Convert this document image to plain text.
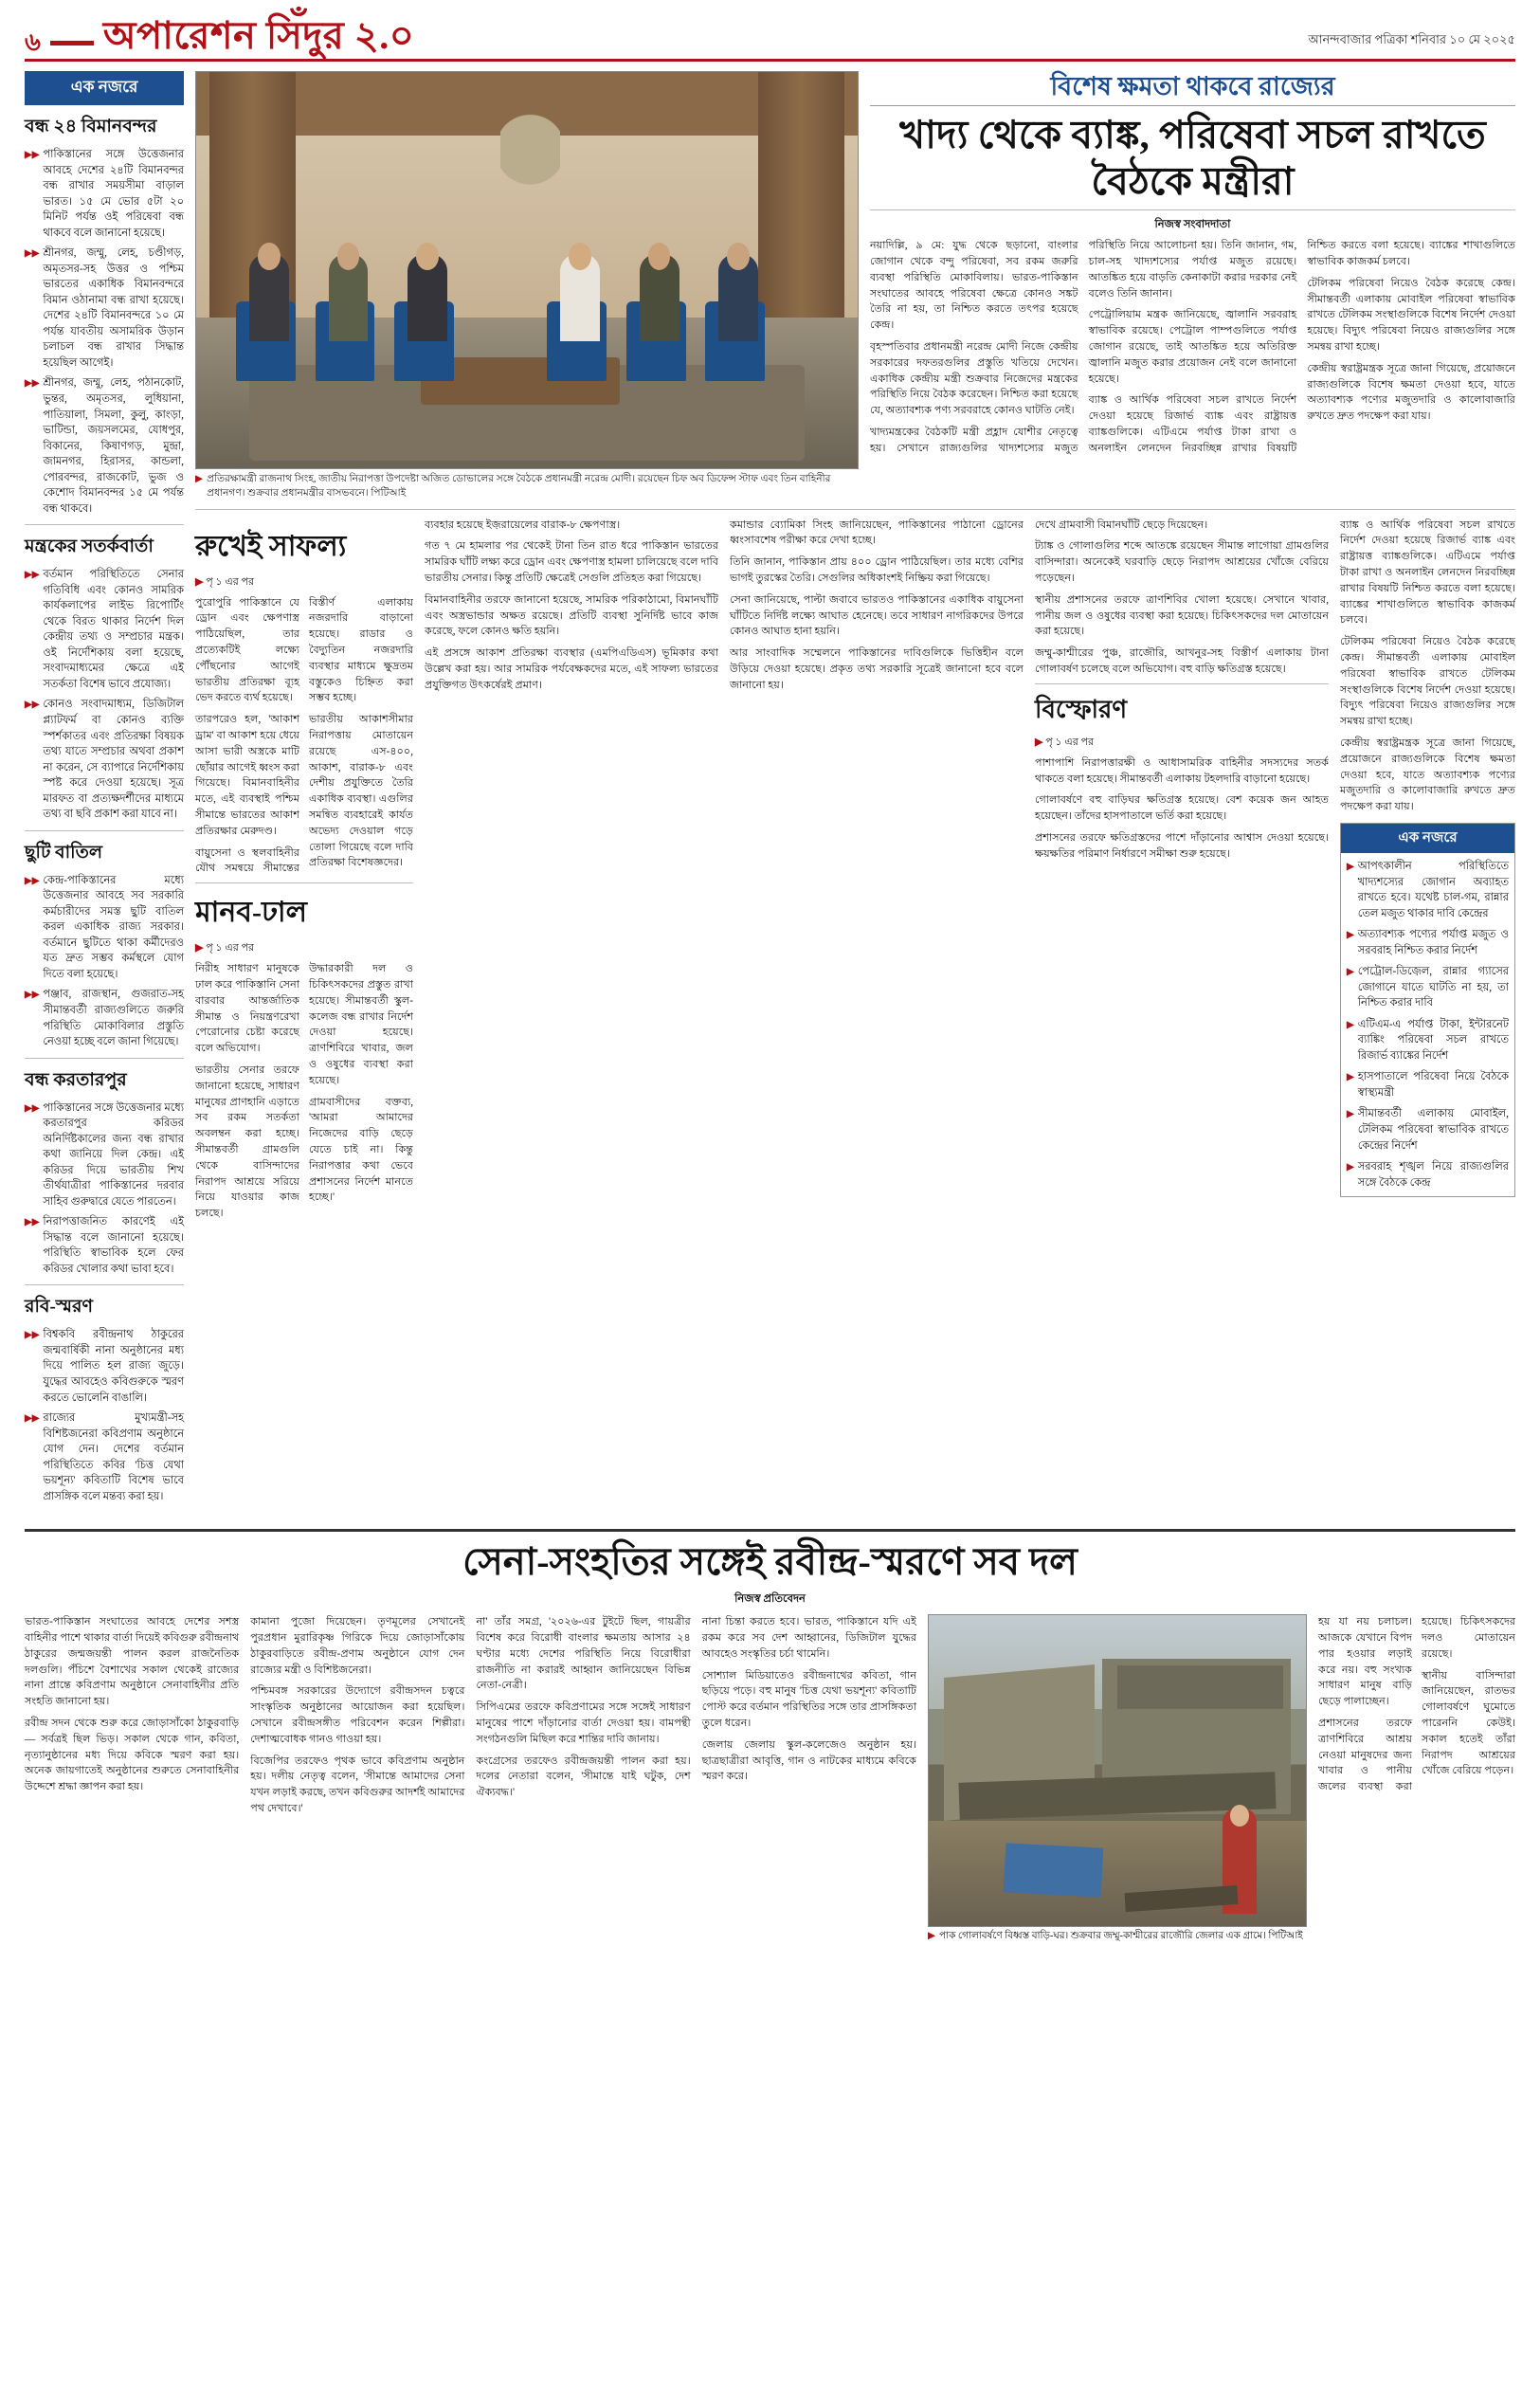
৬ অপারেশন সিঁদুর ২.০	আনন্দবাজার পত্রিকা শনিবার ১০ মে ২০২৫
এক নজরে
বন্ধ ২৪ বিমানবন্দর
▶▶ পাকিস্তানের সঙ্গে উত্তেজনার আবহে দেশের ২৪টি বিমানবন্দর বন্ধ রাখার সময়সীমা বাড়াল ভারত। ১৫ মে ভোর ৫টা ২০ মিনিট পর্যন্ত ওই পরিষেবা বন্ধ থাকবে বলে জানানো হয়েছে।
▶▶ শ্রীনগর, জম্মু, লেহ, চণ্ডীগড়, অমৃতসর-সহ উত্তর ও পশ্চিম ভারতের একাধিক বিমানবন্দরে বিমান ওঠানামা বন্ধ রাখা হয়েছে। দেশের ২৪টি বিমানবন্দরে ১০ মে পর্যন্ত যাবতীয় অসামরিক উড়ান চলাচল বন্ধ রাখার সিদ্ধান্ত হয়েছিল আগেই।
▶▶ শ্রীনগর, জম্মু, লেহ, পঠানকোট, ভুন্তর, অমৃতসর, লুধিয়ানা, পাতিয়ালা, সিমলা, কুলু, কাংড়া, ভাটিন্ডা, জয়সলমের, যোধপুর, বিকানের, কিষাণগড়, মুন্দ্রা, জামনগর, হিরাসর, কান্ডলা, পোরবন্দর, রাজকোট, ভুজ ও কেশোদ বিমানবন্দর ১৫ মে পর্যন্ত বন্ধ থাকবে।
মন্ত্রকের সতর্কবার্তা
▶▶ বর্তমান পরিস্থিতিতে সেনার গতিবিধি এবং কোনও সামরিক কার্যকলাপের লাইভ রিপোর্টিং থেকে বিরত থাকার নির্দেশ দিল কেন্দ্রীয় তথ্য ও সম্প্রচার মন্ত্রক। ওই নির্দেশিকায় বলা হয়েছে, সংবাদমাধ্যমের ক্ষেত্রে এই সতর্কতা বিশেষ ভাবে প্রযোজ্য।
▶▶ কোনও সংবাদমাধ্যম, ডিজিটাল প্ল্যাটফর্ম বা কোনও ব্যক্তি স্পর্শকাতর এবং প্রতিরক্ষা বিষয়ক তথ্য যাতে সম্প্রচার অথবা প্রকাশ না করেন, সে ব্যাপারে নির্দেশিকায় স্পষ্ট করে দেওয়া হয়েছে। সূত্র মারফত বা প্রত্যক্ষদর্শীদের মাধ্যমে তথ্য বা ছবি প্রকাশ করা যাবে না।
ছুটি বাতিল
▶▶ কেন্দ্র-পাকিস্তানের মধ্যে উত্তেজনার আবহে সব সরকারি কর্মচারীদের সমস্ত ছুটি বাতিল করল একাধিক রাজ্য সরকার। বর্তমানে ছুটিতে থাকা কর্মীদেরও যত দ্রুত সম্ভব কর্মস্থলে যোগ দিতে বলা হয়েছে।
▶▶ পঞ্জাব, রাজস্থান, গুজরাত-সহ সীমান্তবর্তী রাজ্যগুলিতে জরুরি পরিস্থিতি মোকাবিলার প্রস্তুতি নেওয়া হচ্ছে বলে জানা গিয়েছে।
বন্ধ করতারপুর
▶▶ পাকিস্তানের সঙ্গে উত্তেজনার মধ্যে করতারপুর করিডর অনির্দিষ্টকালের জন্য বন্ধ রাখার কথা জানিয়ে দিল কেন্দ্র। এই করিডর দিয়ে ভারতীয় শিখ তীর্থযাত্রীরা পাকিস্তানের দরবার সাহিব গুরুদ্বারে যেতে পারতেন।
▶▶ নিরাপত্তাজনিত কারণেই এই সিদ্ধান্ত বলে জানানো হয়েছে। পরিস্থিতি স্বাভাবিক হলে ফের করিডর খোলার কথা ভাবা হবে।
রবি-স্মরণ
▶▶ বিশ্বকবি রবীন্দ্রনাথ ঠাকুরের জন্মবার্ষিকী নানা অনুষ্ঠানের মধ্য দিয়ে পালিত হল রাজ্য জুড়ে। যুদ্ধের আবহেও কবিগুরুকে স্মরণ করতে ভোলেনি বাঙালি।
▶▶ রাজ্যের মুখ্যমন্ত্রী-সহ বিশিষ্টজনেরা কবিপ্রণাম অনুষ্ঠানে যোগ দেন। দেশের বর্তমান পরিস্থিতিতে কবির 'চিত্ত যেথা ভয়শূন্য' কবিতাটি বিশেষ ভাবে প্রাসঙ্গিক বলে মন্তব্য করা হয়।
▶ প্রতিরক্ষামন্ত্রী রাজনাথ সিংহ, জাতীয় নিরাপত্তা উপদেষ্টা অজিত ডোভালের সঙ্গে বৈঠকে প্রধানমন্ত্রী নরেন্দ্র মোদী। রয়েছেন চিফ অব ডিফেন্স স্টাফ এবং তিন বাহিনীর প্রধানগণ। শুক্রবার প্রধানমন্ত্রীর বাসভবনে। পিটিআই
বিশেষ ক্ষমতা থাকবে রাজ্যের
খাদ্য থেকে ব্যাঙ্ক, পরিষেবা সচল রাখতে বৈঠকে মন্ত্রীরা
নিজস্ব সংবাদদাতা

নয়াদিল্লি, ৯ মে: যুদ্ধ থেকে ছড়ানো, বাংলার জোগান থেকে বন্দু পরিষেবা, সব রকম জরুরি ব্যবস্থা পরিস্থিতি মোকাবিলায়। ভারত-পাকিস্তান সংঘাতের আবহে পরিষেবা ক্ষেত্রে কোনও সঙ্কট তৈরি না হয়, তা নিশ্চিত করতে তৎপর হয়েছে কেন্দ্র।

বৃহস্পতিবার প্রধানমন্ত্রী নরেন্দ্র মোদী নিজে কেন্দ্রীয় সরকারের দফতরগুলির প্রস্তুতি খতিয়ে দেখেন। একাধিক কেন্দ্রীয় মন্ত্রী শুক্রবার নিজেদের মন্ত্রকের পরিস্থিতি নিয়ে বৈঠক করেছেন। নিশ্চিত করা হয়েছে যে, অত্যাবশ্যক পণ্য সরবরাহে কোনও ঘাটতি নেই।

খাদ্যমন্ত্রকের বৈঠকটি মন্ত্রী প্রহ্লাদ যোশীর নেতৃত্বে হয়। সেখানে রাজ্যগুলির খাদ্যশস্যের মজুত পরিস্থিতি নিয়ে আলোচনা হয়। তিনি জানান, গম, চাল-সহ খাদ্যশস্যের পর্যাপ্ত মজুত রয়েছে। আতঙ্কিত হয়ে বাড়তি কেনাকাটা করার দরকার নেই বলেও তিনি জানান।

পেট্রোলিয়াম মন্ত্রক জানিয়েছে, জ্বালানি সরবরাহ স্বাভাবিক রয়েছে। পেট্রোল পাম্পগুলিতে পর্যাপ্ত জোগান রয়েছে, তাই আতঙ্কিত হয়ে অতিরিক্ত জ্বালানি মজুত করার প্রয়োজন নেই বলে জানানো হয়েছে।

ব্যাঙ্ক ও আর্থিক পরিষেবা সচল রাখতে নির্দেশ দেওয়া হয়েছে রিজার্ভ ব্যাঙ্ক এবং রাষ্ট্রায়ত্ত ব্যাঙ্কগুলিকে। এটিএমে পর্যাপ্ত টাকা রাখা ও অনলাইন লেনদেন নিরবচ্ছিন্ন রাখার বিষয়টি নিশ্চিত করতে বলা হয়েছে। ব্যাঙ্কের শাখাগুলিতে স্বাভাবিক কাজকর্ম চলবে।

টেলিকম পরিষেবা নিয়েও বৈঠক করেছে কেন্দ্র। সীমান্তবর্তী এলাকায় মোবাইল পরিষেবা স্বাভাবিক রাখতে টেলিকম সংস্থাগুলিকে বিশেষ নির্দেশ দেওয়া হয়েছে। বিদ্যুৎ পরিষেবা নিয়েও রাজ্যগুলির সঙ্গে সমন্বয় রাখা হচ্ছে।

কেন্দ্রীয় স্বরাষ্ট্রমন্ত্রক সূত্রে জানা গিয়েছে, প্রয়োজনে রাজ্যগুলিকে বিশেষ ক্ষমতা দেওয়া হবে, যাতে অত্যাবশ্যক পণ্যের মজুতদারি ও কালোবাজারি রুখতে দ্রুত পদক্ষেপ করা যায়।

রুখেই সাফল্য
▶ পৃ ১ এর পর

পুরোপুরি পাকিস্তানে যে ড্রোন এবং ক্ষেপণাস্ত্র পাঠিয়েছিল, তার প্রত্যেকটিই লক্ষ্যে পৌঁছনোর আগেই ভারতীয় প্রতিরক্ষা ব্যূহ ভেদ করতে ব্যর্থ হয়েছে।

তারপরেও হল, 'আকাশ ড্রাম' বা আকাশ হয়ে ধেয়ে আসা ভারী অস্ত্রকে মাটি ছোঁয়ার আগেই ধ্বংস করা গিয়েছে। বিমানবাহিনীর মতে, এই ব্যবস্থাই পশ্চিম সীমান্তে ভারতের আকাশ প্রতিরক্ষার মেরুদণ্ড।

বায়ুসেনা ও স্থলবাহিনীর যৌথ সমন্বয়ে সীমান্তের বিস্তীর্ণ এলাকায় নজরদারি বাড়ানো হয়েছে। রাডার ও বৈদ্যুতিন নজরদারি ব্যবস্থার মাধ্যমে ক্ষুদ্রতম বস্তুকেও চিহ্নিত করা সম্ভব হচ্ছে।

ভারতীয় আকাশসীমার নিরাপত্তায় মোতায়েন রয়েছে এস-৪০০, আকাশ, বারাক-৮ এবং দেশীয় প্রযুক্তিতে তৈরি একাধিক ব্যবস্থা। এগুলির সমন্বিত ব্যবহারেই কার্যত অভেদ্য দেওয়াল গড়ে তোলা গিয়েছে বলে দাবি প্রতিরক্ষা বিশেষজ্ঞদের।

মানব-ঢাল
▶ পৃ ১ এর পর

নিরীহ সাধারণ মানুষকে ঢাল করে পাকিস্তানি সেনা বারবার আন্তর্জাতিক সীমান্ত ও নিয়ন্ত্রণরেখা পেরোনোর চেষ্টা করেছে বলে অভিযোগ।

ভারতীয় সেনার তরফে জানানো হয়েছে, সাধারণ মানুষের প্রাণহানি এড়াতে সব রকম সতর্কতা অবলম্বন করা হচ্ছে। সীমান্তবর্তী গ্রামগুলি থেকে বাসিন্দাদের নিরাপদ আশ্রয়ে সরিয়ে নিয়ে যাওয়ার কাজ চলছে।

উদ্ধারকারী দল ও চিকিৎসকদের প্রস্তুত রাখা হয়েছে। সীমান্তবর্তী স্কুল-কলেজ বন্ধ রাখার নির্দেশ দেওয়া হয়েছে। ত্রাণশিবিরে খাবার, জল ও ওষুধের ব্যবস্থা করা হয়েছে।

গ্রামবাসীদের বক্তব্য, 'আমরা আমাদের নিজেদের বাড়ি ছেড়ে যেতে চাই না। কিন্তু নিরাপত্তার কথা ভেবে প্রশাসনের নির্দেশ মানতে হচ্ছে।'

ব্যবহার হয়েছে ইজ়রায়েলের বারাক-৮ ক্ষেপণাস্ত্র।

গত ৭ মে হামলার পর থেকেই টানা তিন রাত ধরে পাকিস্তান ভারতের সামরিক ঘাঁটি লক্ষ্য করে ড্রোন এবং ক্ষেপণাস্ত্র হামলা চালিয়েছে বলে দাবি ভারতীয় সেনার। কিন্তু প্রতিটি ক্ষেত্রেই সেগুলি প্রতিহত করা গিয়েছে।

বিমানবাহিনীর তরফে জানানো হয়েছে, সামরিক পরিকাঠামো, বিমানঘাঁটি এবং অস্ত্রভান্ডার অক্ষত রয়েছে। প্রতিটি ব্যবস্থা সুনির্দিষ্ট ভাবে কাজ করেছে, ফলে কোনও ক্ষতি হয়নি।

এই প্রসঙ্গে আকাশ প্রতিরক্ষা ব্যবস্থার (এমপিএডিএস) ভূমিকার কথা উল্লেখ করা হয়। আর সামরিক পর্যবেক্ষকদের মতে, এই সাফল্য ভারতের প্রযুক্তিগত উৎকর্ষেরই প্রমাণ।

কমান্ডার ব্যোমিকা সিংহ জানিয়েছেন, পাকিস্তানের পাঠানো ড্রোনের ধ্বংসাবশেষ পরীক্ষা করে দেখা হচ্ছে।

তিনি জানান, পাকিস্তান প্রায় ৪০০ ড্রোন পাঠিয়েছিল। তার মধ্যে বেশির ভাগই তুরস্কের তৈরি। সেগুলির অধিকাংশই নিষ্ক্রিয় করা গিয়েছে।

সেনা জানিয়েছে, পাল্টা জবাবে ভারতও পাকিস্তানের একাধিক বায়ুসেনা ঘাঁটিতে নির্দিষ্ট লক্ষ্যে আঘাত হেনেছে। তবে সাধারণ নাগরিকদের উপরে কোনও আঘাত হানা হয়নি।

আর সাংবাদিক সম্মেলনে পাকিস্তানের দাবিগুলিকে ভিত্তিহীন বলে উড়িয়ে দেওয়া হয়েছে। প্রকৃত তথ্য সরকারি সূত্রেই জানানো হবে বলে জানানো হয়।

দেখে গ্রামবাসী বিমানঘাঁটি ছেড়ে দিয়েছেন।

ট্যাঙ্ক ও গোলাগুলির শব্দে আতঙ্কে রয়েছেন সীমান্ত লাগোয়া গ্রামগুলির বাসিন্দারা। অনেকেই ঘরবাড়ি ছেড়ে নিরাপদ আশ্রয়ের খোঁজে বেরিয়ে পড়েছেন।

স্থানীয় প্রশাসনের তরফে ত্রাণশিবির খোলা হয়েছে। সেখানে খাবার, পানীয় জল ও ওষুধের ব্যবস্থা করা হয়েছে। চিকিৎসকদের দল মোতায়েন করা হয়েছে।

জম্মু-কাশ্মীরের পুঞ্চ, রাজৌরি, আখনুর-সহ বিস্তীর্ণ এলাকায় টানা গোলাবর্ষণ চলেছে বলে অভিযোগ। বহু বাড়ি ক্ষতিগ্রস্ত হয়েছে।

বিস্ফোরণ
▶ পৃ ১ এর পর

পাশাপাশি নিরাপত্তারক্ষী ও আধাসামরিক বাহিনীর সদস্যদের সতর্ক থাকতে বলা হয়েছে। সীমান্তবর্তী এলাকায় টহলদারি বাড়ানো হয়েছে।

গোলাবর্ষণে বহু বাড়িঘর ক্ষতিগ্রস্ত হয়েছে। বেশ কয়েক জন আহত হয়েছেন। তাঁদের হাসপাতালে ভর্তি করা হয়েছে।

প্রশাসনের তরফে ক্ষতিগ্রস্তদের পাশে দাঁড়ানোর আশ্বাস দেওয়া হয়েছে। ক্ষয়ক্ষতির পরিমাণ নির্ধারণে সমীক্ষা শুরু হয়েছে।

ব্যাঙ্ক ও আর্থিক পরিষেবা সচল রাখতে নির্দেশ দেওয়া হয়েছে রিজার্ভ ব্যাঙ্ক এবং রাষ্ট্রায়ত্ত ব্যাঙ্কগুলিকে। এটিএমে পর্যাপ্ত টাকা রাখা ও অনলাইন লেনদেন নিরবচ্ছিন্ন রাখার বিষয়টি নিশ্চিত করতে বলা হয়েছে। ব্যাঙ্কের শাখাগুলিতে স্বাভাবিক কাজকর্ম চলবে।

টেলিকম পরিষেবা নিয়েও বৈঠক করেছে কেন্দ্র। সীমান্তবর্তী এলাকায় মোবাইল পরিষেবা স্বাভাবিক রাখতে টেলিকম সংস্থাগুলিকে বিশেষ নির্দেশ দেওয়া হয়েছে। বিদ্যুৎ পরিষেবা নিয়েও রাজ্যগুলির সঙ্গে সমন্বয় রাখা হচ্ছে।

কেন্দ্রীয় স্বরাষ্ট্রমন্ত্রক সূত্রে জানা গিয়েছে, প্রয়োজনে রাজ্যগুলিকে বিশেষ ক্ষমতা দেওয়া হবে, যাতে অত্যাবশ্যক পণ্যের মজুতদারি ও কালোবাজারি রুখতে দ্রুত পদক্ষেপ করা যায়।

এক নজরে
▶ আপৎকালীন পরিস্থিতিতে খাদ্যশস্যের জোগান অব্যাহত রাখতে হবে। যথেষ্ট চাল-গম, রান্নার তেল মজুত থাকার দাবি কেন্দ্রের
▶ অত্যাবশ্যক পণ্যের পর্যাপ্ত মজুত ও সরবরাহ নিশ্চিত করার নির্দেশ
▶ পেট্রোল-ডিজ়েল, রান্নার গ্যাসের জোগানে যাতে ঘাটতি না হয়, তা নিশ্চিত করার দাবি
▶ এটিএম-এ পর্যাপ্ত টাকা, ইন্টারনেট ব্যাঙ্কিং পরিষেবা সচল রাখতে রিজার্ভ ব্যাঙ্কের নির্দেশ
▶ হাসপাতালে পরিষেবা নিয়ে বৈঠকে স্বাস্থ্যমন্ত্রী
▶ সীমান্তবর্তী এলাকায় মোবাইল, টেলিকম পরিষেবা স্বাভাবিক রাখতে কেন্দ্রের নির্দেশ
▶ সরবরাহ শৃঙ্খল নিয়ে রাজ্যগুলির সঙ্গে বৈঠকে কেন্দ্র
সেনা-সংহতির সঙ্গেই রবীন্দ্র-স্মরণে সব দল
নিজস্ব প্রতিবেদন

ভারত-পাকিস্তান সংঘাতের আবহে দেশের সশস্ত্র বাহিনীর পাশে থাকার বার্তা দিয়েই কবিগুরু রবীন্দ্রনাথ ঠাকুরের জন্মজয়ন্তী পালন করল রাজনৈতিক দলগুলি। পঁচিশে বৈশাখের সকাল থেকেই রাজ্যের নানা প্রান্তে কবিপ্রণাম অনুষ্ঠানে সেনাবাহিনীর প্রতি সংহতি জানানো হয়।

রবীন্দ্র সদন থেকে শুরু করে জোড়াসাঁকো ঠাকুরবাড়ি— সর্বত্রই ছিল ভিড়। সকাল থেকে গান, কবিতা, নৃত্যানুষ্ঠানের মধ্য দিয়ে কবিকে স্মরণ করা হয়। অনেক জায়গাতেই অনুষ্ঠানের শুরুতে সেনাবাহিনীর উদ্দেশে শ্রদ্ধা জ্ঞাপন করা হয়।

কামানা পুজো দিয়েছেন। তৃণমূলের সেখানেই পুরপ্রধান মুরারিকৃষ্ণ গিরিকে দিয়ে জোড়াসাঁকোয় ঠাকুরবাড়িতে রবীন্দ্র-প্রণাম অনুষ্ঠানে যোগ দেন রাজ্যের মন্ত্রী ও বিশিষ্টজনেরা।

পশ্চিমবঙ্গ সরকারের উদ্যোগে রবীন্দ্রসদন চত্বরে সাংস্কৃতিক অনুষ্ঠানের আয়োজন করা হয়েছিল। সেখানে রবীন্দ্রসঙ্গীত পরিবেশন করেন শিল্পীরা। দেশাত্মবোধক গানও গাওয়া হয়।

বিজেপির তরফেও পৃথক ভাবে কবিপ্রণাম অনুষ্ঠান হয়। দলীয় নেতৃত্ব বলেন, 'সীমান্তে আমাদের সেনা যখন লড়াই করছে, তখন কবিগুরুর আদর্শই আমাদের পথ দেখাবে।'

না' তাঁর সমগ্র, '২০২৬-এর টুইটে ছিল, গায়ত্রীর বিশেষ করে বিরোধী বাংলার ক্ষমতায় আসার ২৪ ঘণ্টার মধ্যে দেশের পরিস্থিতি নিয়ে বিরোধীরা রাজনীতি না করারই আহ্বান জানিয়েছেন বিভিন্ন নেতা-নেত্রী।

সিপিএমের তরফে কবিপ্রণামের সঙ্গে সঙ্গেই সাধারণ মানুষের পাশে দাঁড়ানোর বার্তা দেওয়া হয়। বামপন্থী সংগঠনগুলি মিছিল করে শান্তির দাবি জানায়।

কংগ্রেসের তরফেও রবীন্দ্রজয়ন্তী পালন করা হয়। দলের নেতারা বলেন, 'সীমান্তে যাই ঘটুক, দেশ ঐক্যবদ্ধ।'

নানা চিন্তা করতে হবে। ভারত, পাকিস্তানে যদি এই রকম করে সব দেশ আহ্বানের, ডিজিটাল যুদ্ধের আবহেও সংস্কৃতির চর্চা থামেনি।

সোশ্যাল মিডিয়াতেও রবীন্দ্রনাথের কবিতা, গান ছড়িয়ে পড়ে। বহু মানুষ 'চিত্ত যেথা ভয়শূন্য' কবিতাটি পোস্ট করে বর্তমান পরিস্থিতির সঙ্গে তার প্রাসঙ্গিকতা তুলে ধরেন।

জেলায় জেলায় স্কুল-কলেজেও অনুষ্ঠান হয়। ছাত্রছাত্রীরা আবৃত্তি, গান ও নাটকের মাধ্যমে কবিকে স্মরণ করে।

▶ পাক গোলাবর্ষণে বিধ্বস্ত বাড়ি-ঘর। শুক্রবার জম্মু-কাশ্মীরের রাজৌরি জেলার এক গ্রামে। পিটিআই

হয় যা নয় চলাচল। আজকে যেখানে বিপদ পার হওয়ার লড়াই করে নয়। বহু সংখ্যক সাধারণ মানুষ বাড়ি ছেড়ে পালাচ্ছেন।

প্রশাসনের তরফে ত্রাণশিবিরে আশ্রয় নেওয়া মানুষদের জন্য খাবার ও পানীয় জলের ব্যবস্থা করা হয়েছে। চিকিৎসকদের দলও মোতায়েন রয়েছে।

স্থানীয় বাসিন্দারা জানিয়েছেন, রাতভর গোলাবর্ষণে ঘুমোতে পারেননি কেউই। সকাল হতেই তাঁরা নিরাপদ আশ্রয়ের খোঁজে বেরিয়ে পড়েন।
